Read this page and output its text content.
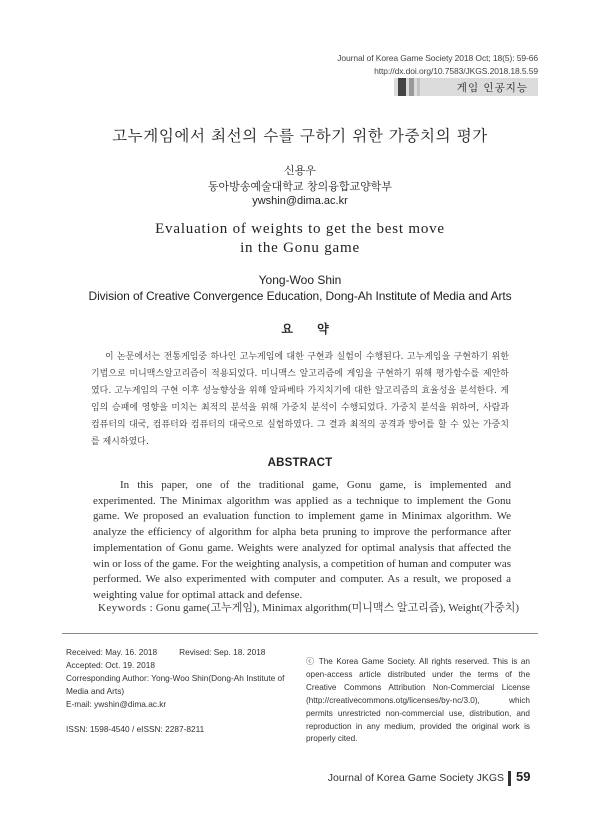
Journal of Korea Game Society 2018 Oct; 18(5): 59-66
http://dx.doi.org/10.7583/JKGS.2018.18.5.59
게임 인공지능
고누게임에서 최선의 수를 구하기 위한 가중치의 평가
신용우
동아방송예술대학교 창의융합교양학부
ywshin@dima.ac.kr
Evaluation of weights to get the best move
in the Gonu game
Yong-Woo Shin
Division of Creative Convergence Education, Dong-Ah Institute of Media and Arts
요 약
이 논문에서는 전통게임중 하나인 고누게임에 대한 구현과 실험이 수행된다. 고누게임을 구현하기 위한 기법으로 미니맥스알고리즘이 적용되었다. 미니맥스 알고리즘에 게임을 구현하기 위해 평가함수를 제안하였다. 고누게임의 구현 이후 성능향상을 위해 알파베타 가지치기에 대한 알고리즘의 효율성을 분석한다. 게임의 승패에 영향을 미치는 최적의 분석을 위해 가중치 분석이 수행되었다. 가중치 분석을 위하여, 사람과 컴퓨터의 대국, 컴퓨터와 컴퓨터의 대국으로 실험하였다. 그 결과 최적의 공격과 방어를 할 수 있는 가중치를 제시하였다.
ABSTRACT
In this paper, one of the traditional game, Gonu game, is implemented and experimented. The Minimax algorithm was applied as a technique to implement the Gonu game. We proposed an evaluation function to implement game in Minimax algorithm. We analyze the efficiency of algorithm for alpha beta pruning to improve the performance after implementation of Gonu game. Weights were analyzed for optimal analysis that affected the win or loss of the game. For the weighting analysis, a competition of human and computer was performed. We also experimented with computer and computer. As a result, we proposed a weighting value for optimal attack and defense.
Keywords : Gonu game(고누게임), Minimax algorithm(미니맥스 알고리즘), Weight(가중치)
Received: May. 16. 2018	Revised: Sep. 18. 2018
Accepted: Oct. 19. 2018
Corresponding Author: Yong-Woo Shin(Dong-Ah Institute of Media and Arts)
E-mail: ywshin@dima.ac.kr
ISSN: 1598-4540 / eISSN: 2287-8211
ⓒ The Korea Game Society. All rights reserved. This is an open-access article distributed under the terms of the Creative Commons Attribution Non-Commercial License (http://creativecommons.otg/licenses/by-nc/3.0), which permits unrestricted non-commercial use, distribution, and reproduction in any medium, provided the original work is properly cited.
Journal of Korea Game Society JKGS 59
